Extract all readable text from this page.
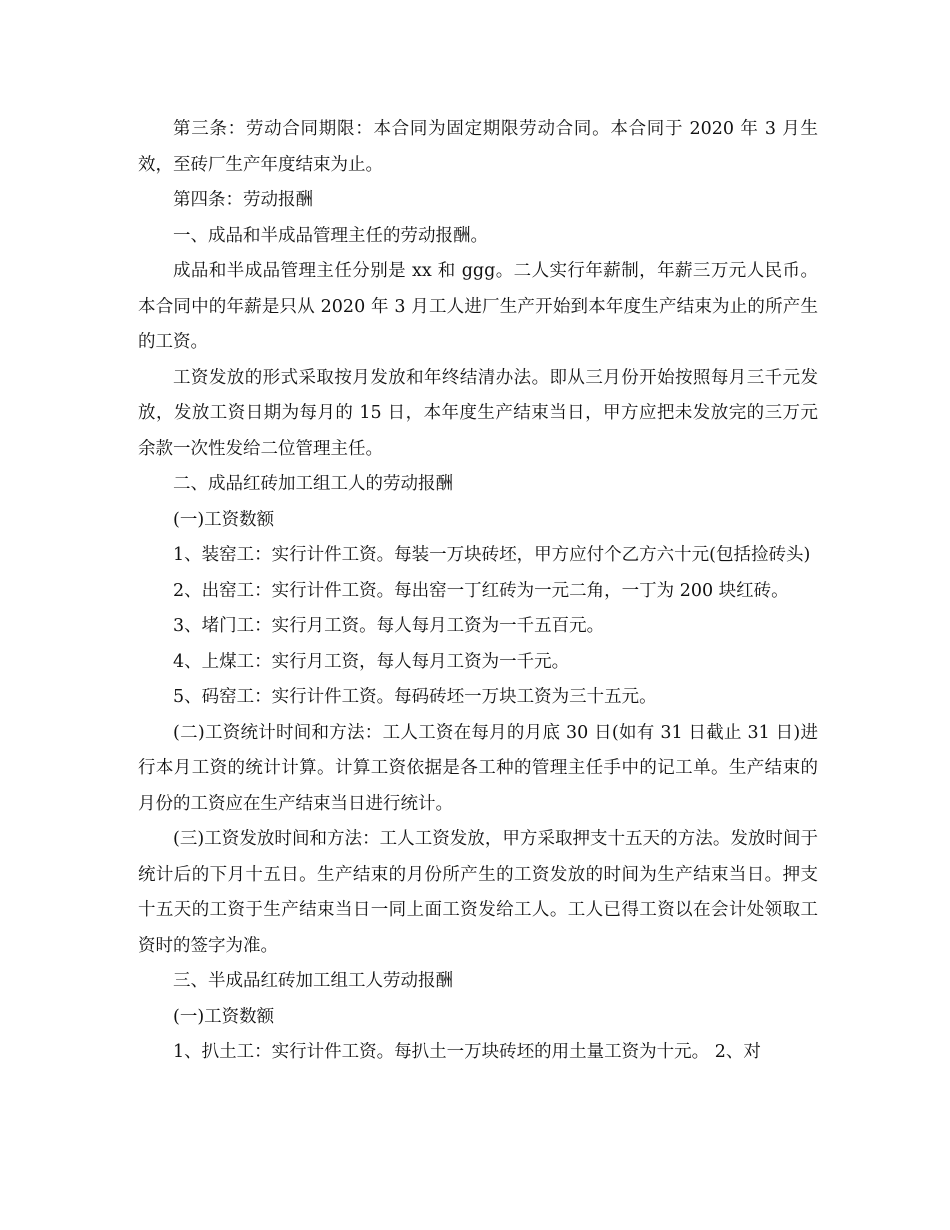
第三条：劳动合同期限：本合同为固定期限劳动合同。本合同于 2020 年 3 月生效，至砖厂生产年度结束为止。

第四条：劳动报酬

一、成品和半成品管理主任的劳动报酬。

成品和半成品管理主任分别是 xx 和 ggg。二人实行年薪制，年薪三万元人民币。本合同中的年薪是只从 2020 年 3 月工人进厂生产开始到本年度生产结束为止的所产生的工资。

工资发放的形式采取按月发放和年终结清办法。即从三月份开始按照每月三千元发放，发放工资日期为每月的 15 日，本年度生产结束当日，甲方应把未发放完的三万元余款一次性发给二位管理主任。

二、成品红砖加工组工人的劳动报酬

(一)工资数额

1、装窑工：实行计件工资。每装一万块砖坯，甲方应付个乙方六十元(包括捡砖头)

2、出窑工：实行计件工资。每出窑一丁红砖为一元二角，一丁为 200 块红砖。

3、堵门工：实行月工资。每人每月工资为一千五百元。

4、上煤工：实行月工资，每人每月工资为一千元。

5、码窑工：实行计件工资。每码砖坯一万块工资为三十五元。

(二)工资统计时间和方法：工人工资在每月的月底 30 日(如有 31 日截止 31 日)进行本月工资的统计计算。计算工资依据是各工种的管理主任手中的记工单。生产结束的月份的工资应在生产结束当日进行统计。

(三)工资发放时间和方法：工人工资发放，甲方采取押支十五天的方法。发放时间于统计后的下月十五日。生产结束的月份所产生的工资发放的时间为生产结束当日。押支十五天的工资于生产结束当日一同上面工资发给工人。工人已得工资以在会计处领取工资时的签字为准。

三、半成品红砖加工组工人劳动报酬

(一)工资数额

1、扒土工：实行计件工资。每扒土一万块砖坯的用土量工资为十元。 2、对
